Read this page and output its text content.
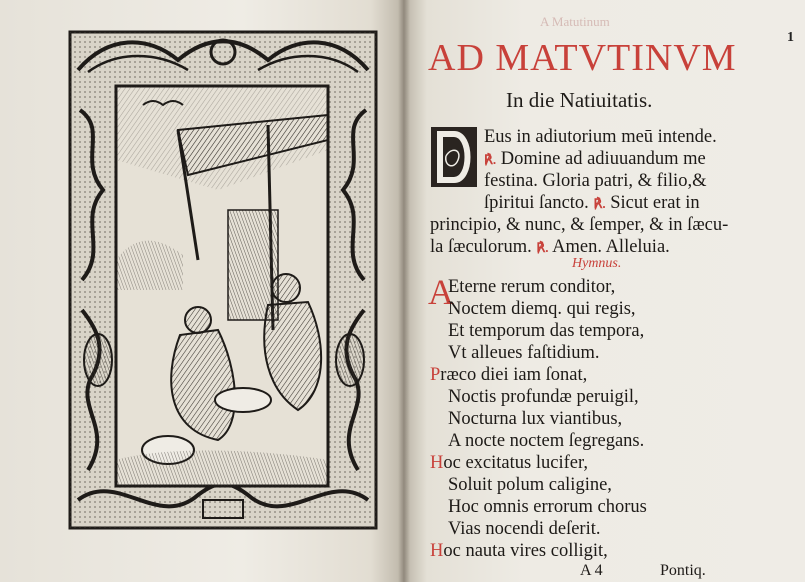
A Matutinum
1
AD MATVTINVM
In die Natiuitatis.
Eus in adiutorium meū intende.
℟. Domine ad adiuuandum me
festina. Gloria patri, & filio,&
ſpiritui ſancto. ℟. Sicut erat in
principio, & nunc, & ſemper, & in ſæcu-
la ſæculorum. ℟. Amen. Alleluia.
Hymnus.
A
Eterne rerum conditor,
Noctem diemq. qui regis,
Et temporum das tempora,
Vt alleues faſtidium.
Præco diei iam ſonat,
Noctis profundæ peruigil,
Nocturna lux viantibus,
A nocte noctem ſegregans.
Hoc excitatus lucifer,
Soluit polum caligine,
Hoc omnis errorum chorus
Vias nocendi deſerit.
Hoc nauta vires colligit,
A 4	Pontiq.
